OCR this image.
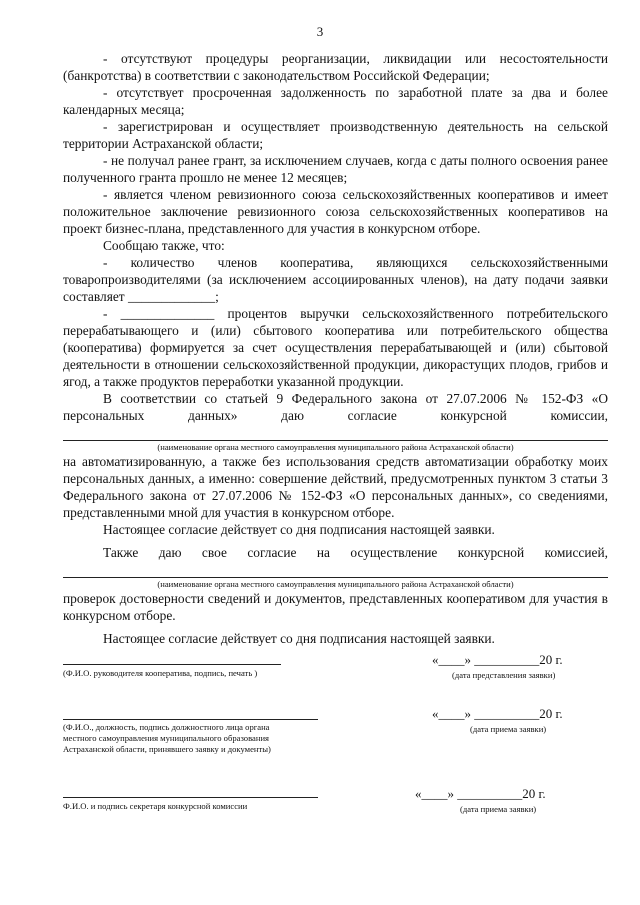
3

- отсутствуют процедуры реорганизации, ликвидации или несостоятельности (банкротства) в соответствии с законодательством Российской Федерации;

- отсутствует просроченная задолженность по заработной плате за два и более календарных месяца;

- зарегистрирован и осуществляет производственную деятельность на сельской территории Астраханской области;

- не получал ранее грант, за исключением случаев, когда с даты полного освоения ранее полученного гранта прошло не менее 12 месяцев;

- является членом ревизионного союза сельскохозяйственных кооперативов и имеет положительное заключение ревизионного союза сельскохозяйственных кооперативов на проект бизнес-плана, представленного для участия в конкурсном отборе.

Сообщаю также, что:

- количество членов кооператива, являющихся сельскохозяйственными товаропроизводителями (за исключением ассоциированных членов), на дату подачи заявки составляет _____________;

- ______________ процентов выручки сельскохозяйственного потребительского перерабатывающего и (или) сбытового кооператива или потребительского общества (кооператива) формируется за счет осуществления перерабатывающей и (или) сбытовой деятельности в отношении сельскохозяйственной продукции, дикорастущих плодов, грибов и ягод, а также продуктов переработки указанной продукции.

В соответствии со статьей 9 Федерального закона от 27.07.2006 № 152-ФЗ «О персональных данных» даю согласие конкурсной комиссии,

(наименование органа местного самоуправления муниципального района Астраханской области)

на автоматизированную, а также без использования средств автоматизации обработку моих персональных данных, а именно: совершение действий, предусмотренных пунктом 3 статьи 3 Федерального закона от 27.07.2006 № 152-ФЗ «О персональных данных», со сведениями, представленными мной для участия в конкурсном отборе.

Настоящее согласие действует со дня подписания настоящей заявки.

Также даю свое согласие на осуществление конкурсной комиссией,

(наименование органа местного самоуправления муниципального района Астраханской области)

проверок достоверности сведений и документов, представленных кооперативом для участия в конкурсном отборе.

Настоящее согласие действует со дня подписания настоящей заявки.

(Ф.И.О. руководителя кооператива, подпись, печать )
«____» __________20 г.
(дата представления заявки)
(Ф.И.О., должность, подпись должностного лица органа местного самоуправления муниципального образования Астраханской области, принявшего заявку и документы)
«____» __________20 г.
(дата приема заявки)
Ф.И.О. и подпись секретаря конкурсной комиссии
«____» __________20 г.
(дата приема заявки)
